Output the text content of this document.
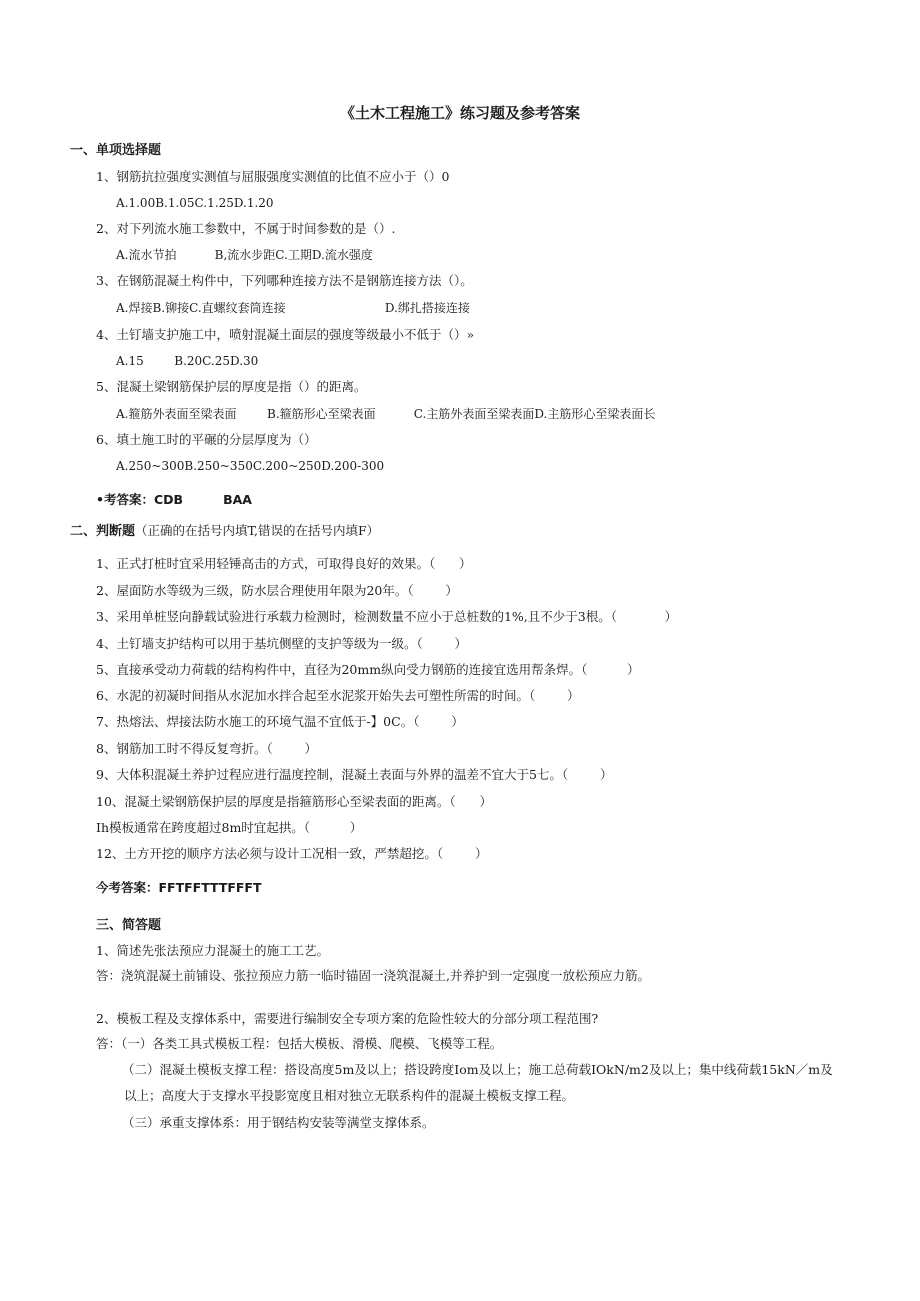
《土木工程施工》练习题及参考答案
一、单项选择题
1、钢筋抗拉强度实测值与屈服强度实测值的比值不应小于（）0
A.1.00B.1.05C.1.25D.1.20
2、对下列流水施工参数中，不属于时间参数的是（）.
A.流水节拍          B,流水步距C.工期D.流水强度
3、在钢筋混凝土构件中，下列哪种连接方法不是钢筋连接方法（）。
A.焊接B.铆接C.直螺纹套筒连接                          D.绑扎搭接连接
4、土钉墙支护施工中，喷射混凝土面层的强度等级最小不低于（）»
A.15        B.20C.25D.30
5、混凝土梁钢筋保护层的厚度是指（）的距离。
A.箍筋外表面至梁表面        B.箍筋形心至梁表面          C.主筋外表面至梁表面D.主筋形心至梁表面长
6、填土施工时的平碾的分层厚度为（）
A.250~300B.250~350C.200~250D.200-300
•考答案：CDB	BAA
二、判断题（正确的在括号内填T,错误的在括号内填F）
1、正式打桩时宜采用轻锤高击的方式，可取得良好的效果。（      ）
2、屋面防水等级为三级，防水层合理使用年限为20年。（        ）
3、采用单桩竖向静载试验进行承载力检测时，检测数量不应小于总桩数的1%,且不少于3根。（            ）
4、土钉墙支护结构可以用于基坑侧壁的支护等级为一级。（        ）
5、直接承受动力荷载的结构构件中，直径为20mm纵向受力钢筋的连接宜选用帮条焊。（          ）
6、水泥的初凝时间指从水泥加水拌合起至水泥浆开始失去可塑性所需的时间。（        ）
7、热熔法、焊接法防水施工的环境气温不宜低于-】0C。（        ）
8、钢筋加工时不得反复弯折。（        ）
9、大体积混凝土养护过程应进行温度控制，混凝土表面与外界的温差不宜大于5七。（        ）
10、混凝土梁钢筋保护层的厚度是指箍筋形心至梁表面的距离。（      ）
Ih模板通常在跨度超过8m时宜起拱。（          ）
12、土方开挖的顺序方法必须与设计工况相一致，严禁超挖。（        ）
今考答案：FFTFFTTTFFFT
三、简答题
1、简述先张法预应力混凝土的施工工艺。
答：浇筑混凝土前铺设、张拉预应力筋一临时锚固一浇筑混凝土,并养护到一定强度一放松预应力筋。
2、模板工程及支撑体系中，需要进行编制安全专项方案的危险性较大的分部分项工程范围?
答：（一）各类工具式模板工程：包括大模板、滑模、爬模、飞模等工程。
（二）混凝土模板支撑工程：搭设高度5m及以上；搭设跨度Iom及以上；施工总荷载IOkN/m2及以上；集中线荷载15kN／m及
以上；高度大于支撑水平投影宽度且相对独立无联系构件的混凝土模板支撑工程。
（三）承重支撑体系：用于钢结构安装等满堂支撑体系。
